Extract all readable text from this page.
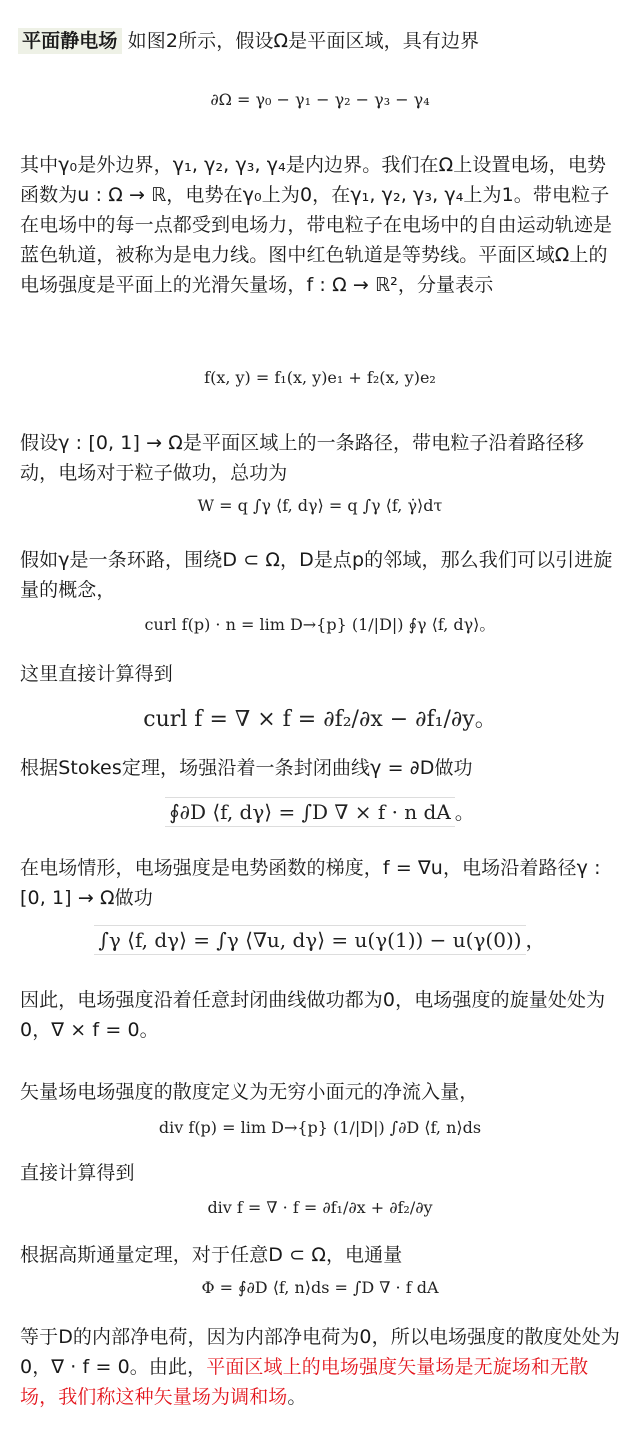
平面静电场 如图2所示，假设Ω是平面区域，具有边界

∂Ω = γ₀ − γ₁ − γ₂ − γ₃ − γ₄

其中γ₀是外边界，γ₁, γ₂, γ₃, γ₄是内边界。我们在Ω上设置电场，电势函数为u : Ω → ℝ，电势在γ₀上为0，在γ₁, γ₂, γ₃, γ₄上为1。带电粒子在电场中的每一点都受到电场力，带电粒子在电场中的自由运动轨迹是蓝色轨道，被称为是电力线。图中红色轨道是等势线。平面区域Ω上的电场强度是平面上的光滑矢量场，f : Ω → ℝ²，分量表示

f(x, y) = f₁(x, y)e₁ + f₂(x, y)e₂

假设γ : [0, 1] → Ω是平面区域上的一条路径，带电粒子沿着路径移动，电场对于粒子做功，总功为

W = q ∫γ ⟨f, dγ⟩ = q ∫γ ⟨f, γ̇⟩dτ

假如γ是一条环路，围绕D ⊂ Ω，D是点p的邻域，那么我们可以引进旋量的概念，

curl f(p) · n = lim D→{p} (1/|D|) ∮γ ⟨f, dγ⟩。

这里直接计算得到

curl f = ∇ × f = ∂f₂/∂x − ∂f₁/∂y。

根据Stokes定理，场强沿着一条封闭曲线γ = ∂D做功

∮∂D ⟨f, dγ⟩ = ∫D ∇ × f · n dA 。

在电场情形，电场强度是电势函数的梯度，f = ∇u，电场沿着路径γ : [0, 1] → Ω做功

∫γ ⟨f, dγ⟩ = ∫γ ⟨∇u, dγ⟩ = u(γ(1)) − u(γ(0)) ，

因此，电场强度沿着任意封闭曲线做功都为0，电场强度的旋量处处为0，∇ × f = 0。

矢量场电场强度的散度定义为无穷小面元的净流入量，

div f(p) = lim D→{p} (1/|D|) ∫∂D ⟨f, n⟩ds

直接计算得到

div f = ∇ · f = ∂f₁/∂x + ∂f₂/∂y

根据高斯通量定理，对于任意D ⊂ Ω，电通量

Φ = ∮∂D ⟨f, n⟩ds = ∫D ∇ · f dA

等于D的内部净电荷，因为内部净电荷为0，所以电场强度的散度处处为0，∇ · f = 0。由此，平面区域上的电场强度矢量场是无旋场和无散场，我们称这种矢量场为调和场。
